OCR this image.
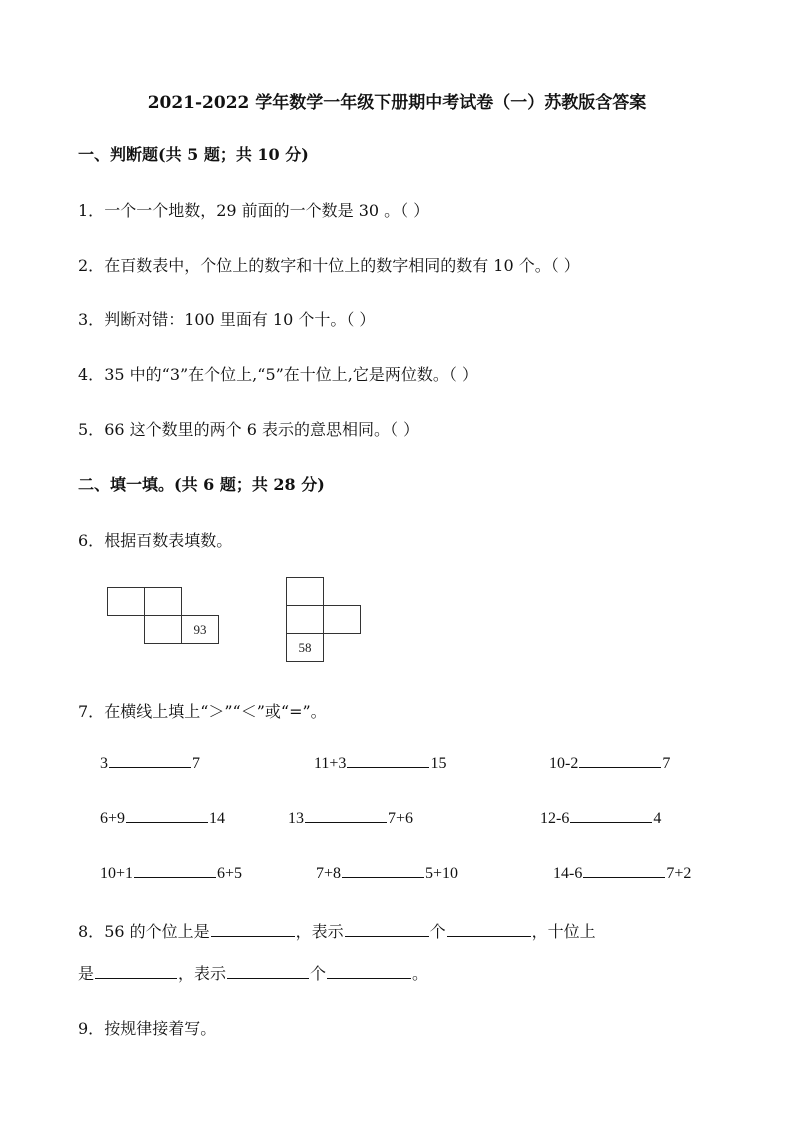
2021-2022 学年数学一年级下册期中考试卷（一）苏教版含答案
一、判断题(共 5 题；共 10 分)
1．一个一个地数，29 前面的一个数是 30 。（ ）
2．在百数表中，个位上的数字和十位上的数字相同的数有 10 个。（ ）
3．判断对错：100 里面有 10 个十。（ ）
4．35 中的“3”在个位上,“5”在十位上,它是两位数。（ ）
5．66 这个数里的两个 6 表示的意思相同。（ ）
二、填一填。(共 6 题；共 28 分)
6．根据百数表填数。
93
58
7．在横线上填上“＞”“＜”或“=”。
3	7	11+3	15	10-2	7
6+9	14	13	7+6	12-6	4
10+1	6+5	7+8	5+10	14-6	7+2
8．56 的个位上是	，表示	个	，十位上
是	，表示	个	。
9．按规律接着写。
